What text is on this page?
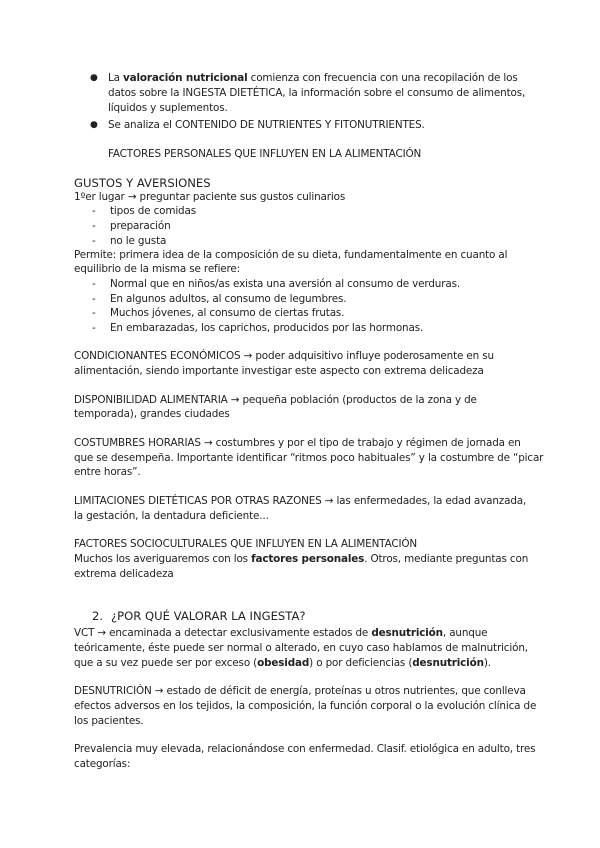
● La valoración nutricional comienza con frecuencia con una recopilación de los
datos sobre la INGESTA DIETÉTICA, la información sobre el consumo de alimentos,
líquidos y suplementos.
● Se analiza el CONTENIDO DE NUTRIENTES Y FITONUTRIENTES.
FACTORES PERSONALES QUE INFLUYEN EN LA ALIMENTACIÓN
GUSTOS Y AVERSIONES
1ºer lugar → preguntar paciente sus gustos culinarios
- tipos de comidas
- preparación
- no le gusta
Permite: primera idea de la composición de su dieta, fundamentalmente en cuanto al
equilibrio de la misma se refiere:
- Normal que en niños/as exista una aversión al consumo de verduras.
- En algunos adultos, al consumo de legumbres.
- Muchos jóvenes, al consumo de ciertas frutas.
- En embarazadas, los caprichos, producidos por las hormonas.
CONDICIONANTES ECONÓMICOS → poder adquisitivo influye poderosamente en su
alimentación, siendo importante investigar este aspecto con extrema delicadeza
DISPONIBILIDAD ALIMENTARIA → pequeña población (productos de la zona y de
temporada), grandes ciudades
COSTUMBRES HORARIAS → costumbres y por el tipo de trabajo y régimen de jornada en
que se desempeña. Importante identificar “ritmos poco habituales” y la costumbre de “picar
entre horas”.
LIMITACIONES DIETÉTICAS POR OTRAS RAZONES → las enfermedades, la edad avanzada,
la gestación, la dentadura deficiente...
FACTORES SOCIOCULTURALES QUE INFLUYEN EN LA ALIMENTACIÓN
Muchos los averiguaremos con los factores personales. Otros, mediante preguntas con
extrema delicadeza
2. ¿POR QUÉ VALORAR LA INGESTA?
VCT → encaminada a detectar exclusivamente estados de desnutrición, aunque
teóricamente, éste puede ser normal o alterado, en cuyo caso hablamos de malnutrición,
que a su vez puede ser por exceso (obesidad) o por deficiencias (desnutrición).
DESNUTRICIÓN → estado de déficit de energía, proteínas u otros nutrientes, que conlleva
efectos adversos en los tejidos, la composición, la función corporal o la evolución clínica de
los pacientes.
Prevalencia muy elevada, relacionándose con enfermedad. Clasif. etiológica en adulto, tres
categorías:
